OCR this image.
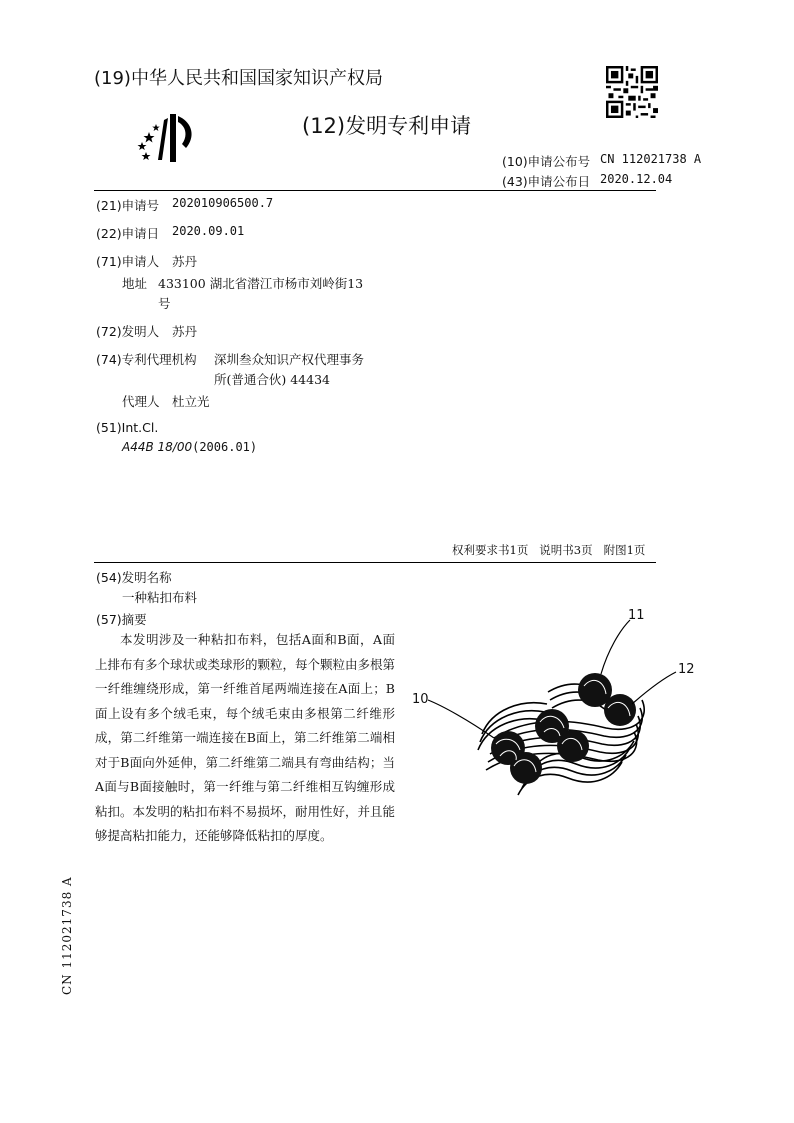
(19)中华人民共和国国家知识产权局
(12)发明专利申请
(10)申请公布号 CN 112021738 A
(43)申请公布日 2020.12.04
(21)申请号 202010906500.7
(22)申请日 2020.09.01
(71)申请人 苏丹
地址 433100 湖北省潜江市杨市刘岭街13
号
(72)发明人 苏丹
(74)专利代理机构 深圳叁众知识产权代理事务
所(普通合伙) 44434
代理人 杜立光
(51)Int.Cl.
A44B 18/00(2006.01)
权利要求书1页   说明书3页   附图1页
(54)发明名称
一种粘扣布料
(57)摘要
本发明涉及一种粘扣布料，包括A面和B面，A面上排布有多个球状或类球形的颗粒，每个颗粒由多根第一纤维缠绕形成，第一纤维首尾两端连接在A面上；B面上设有多个绒毛束，每个绒毛束由多根第二纤维形成，第二纤维第一端连接在B面上，第二纤维第二端相对于B面向外延伸，第二纤维第二端具有弯曲结构；当A面与B面接触时，第一纤维与第二纤维相互钩缠形成粘扣。本发明的粘扣布料不易损坏，耐用性好，并且能够提高粘扣能力，还能够降低粘扣的厚度。
11
12
10
CN 112021738 A
